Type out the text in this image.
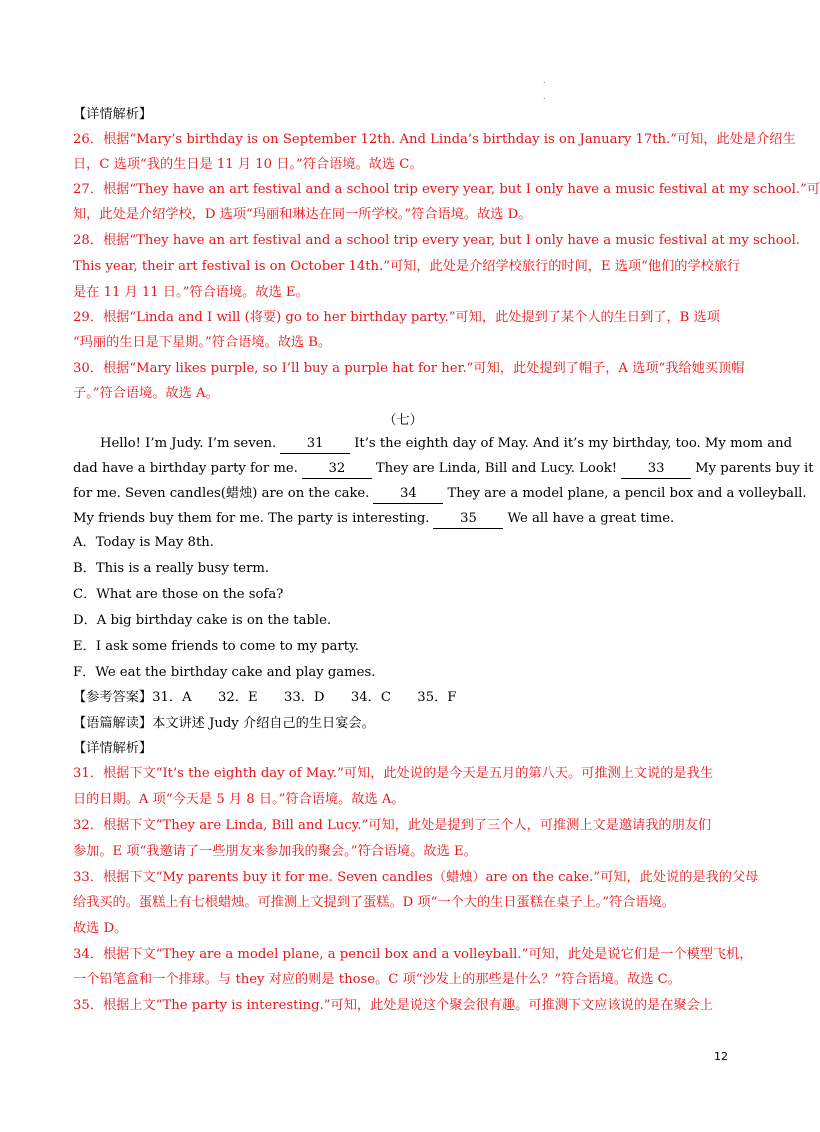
.
.
【详情解析】
26．根据“Mary’s birthday is on September 12th. And Linda’s birthday is on January 17th.”可知，此处是介绍生
日，C 选项“我的生日是 11 月 10 日。”符合语境。故选 C。
27．根据“They have an art festival and a school trip every year, but I only have a music festival at my school.”可
知，此处是介绍学校，D 选项“玛丽和琳达在同一所学校。”符合语境。故选 D。
28．根据“They have an art festival and a school trip every year, but I only have a music festival at my school.
This year, their art festival is on October 14th.”可知，此处是介绍学校旅行的时间，E 选项“他们的学校旅行
是在 11 月 11 日。”符合语境。故选 E。
29．根据“Linda and I will (将要) go to her birthday party.”可知，此处提到了某个人的生日到了，B 选项
“玛丽的生日是下星期。”符合语境。故选 B。
30．根据“Mary likes purple, so I’ll buy a purple hat for her.”可知，此处提到了帽子，A 选项“我给她买顶帽
子。”符合语境。故选 A。
（七）
Hello! I’m Judy. I’m seven. 31 It’s the eighth day of May. And it’s my birthday, too. My mom and
dad have a birthday party for me. 32 They are Linda, Bill and Lucy. Look! 33 My parents buy it
for me. Seven candles(蜡烛) are on the cake. 34 They are a model plane, a pencil box and a volleyball.
My friends buy them for me. The party is interesting. 35 We all have a great time.
A．Today is May 8th.
B．This is a really busy term.
C．What are those on the sofa?
D．A big birthday cake is on the table.
E．I ask some friends to come to my party.
F．We eat the birthday cake and play games.
【参考答案】31．A　　32．E　　33．D　　34．C　　35．F
【语篇解读】本文讲述 Judy 介绍自己的生日宴会。
【详情解析】
31．根据下文“It’s the eighth day of May.”可知，此处说的是今天是五月的第八天。可推测上文说的是我生
日的日期。A 项“今天是 5 月 8 日。”符合语境。故选 A。
32．根据下文“They are Linda, Bill and Lucy.”可知，此处是提到了三个人，可推测上文是邀请我的朋友们
参加。E 项“我邀请了一些朋友来参加我的聚会。”符合语境。故选 E。
33．根据下文“My parents buy it for me. Seven candles（蜡烛）are on the cake.”可知，此处说的是我的父母
给我买的。蛋糕上有七根蜡烛。可推测上文提到了蛋糕。D 项“一个大的生日蛋糕在桌子上。”符合语境。
故选 D。
34．根据下文“They are a model plane, a pencil box and a volleyball.”可知，此处是说它们是一个模型飞机，
一个铅笔盒和一个排球。与 they 对应的则是 those。C 项“沙发上的那些是什么？”符合语境。故选 C。
35．根据上文“The party is interesting.”可知，此处是说这个聚会很有趣。可推测下文应该说的是在聚会上
12
